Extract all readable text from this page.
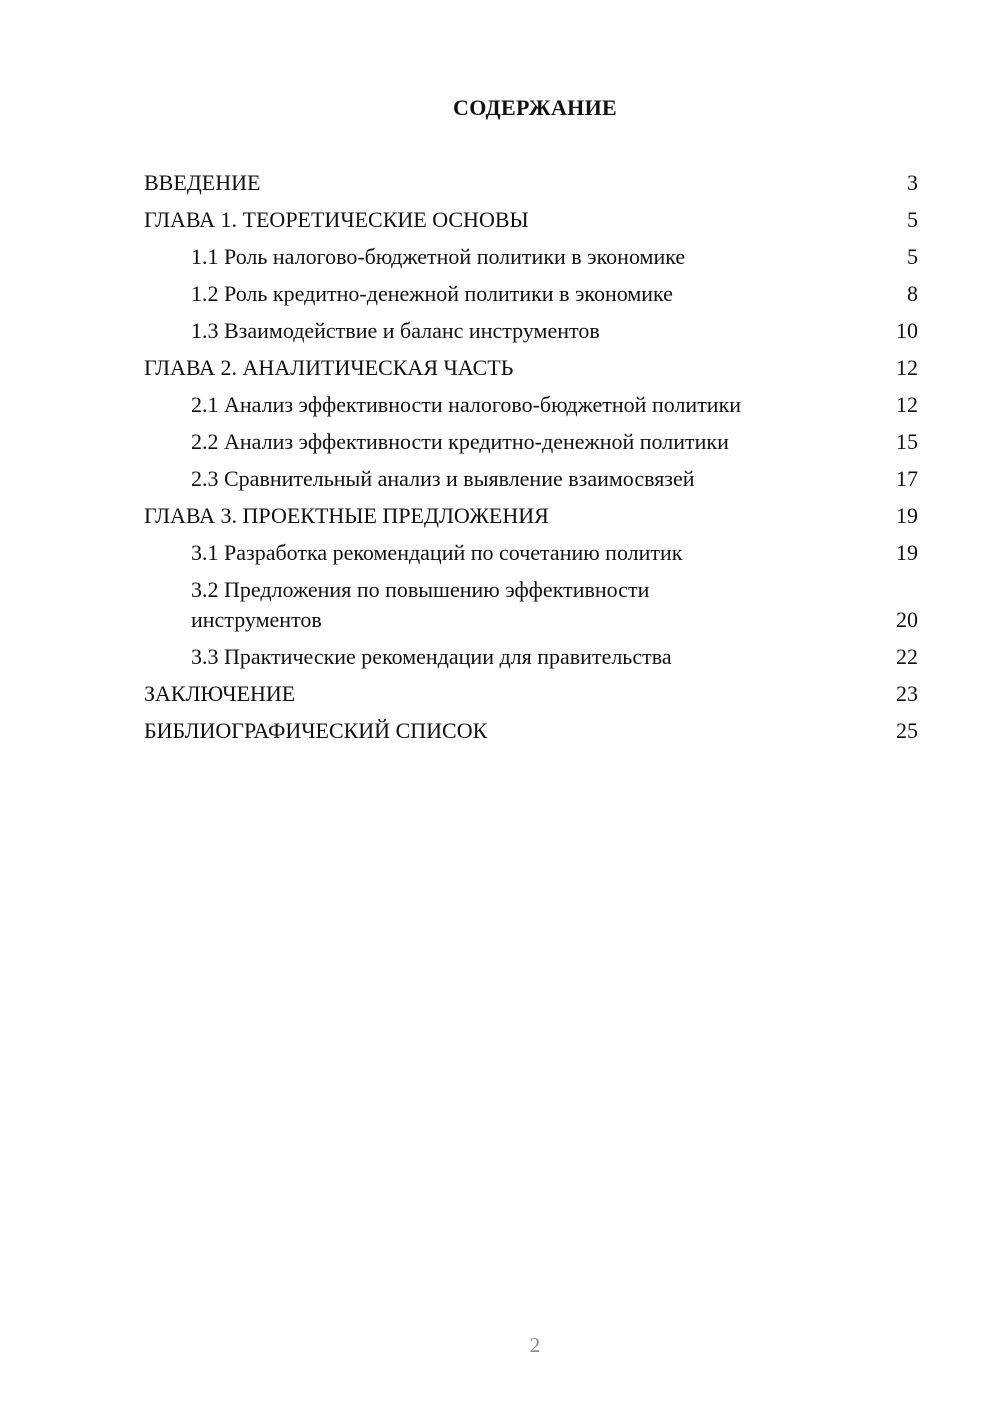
СОДЕРЖАНИЕ
ВВЕДЕНИЕ	3
ГЛАВА 1. ТЕОРЕТИЧЕСКИЕ ОСНОВЫ	5
1.1 Роль налогово-бюджетной политики в экономике	5
1.2 Роль кредитно-денежной политики в экономике	8
1.3 Взаимодействие и баланс инструментов	10
ГЛАВА 2. АНАЛИТИЧЕСКАЯ ЧАСТЬ	12
2.1 Анализ эффективности налогово-бюджетной политики	12
2.2 Анализ эффективности кредитно-денежной политики	15
2.3 Сравнительный анализ и выявление взаимосвязей	17
ГЛАВА 3. ПРОЕКТНЫЕ ПРЕДЛОЖЕНИЯ	19
3.1 Разработка рекомендаций по сочетанию политик	19
3.2 Предложения по повышению эффективности инструментов	20
3.3 Практические рекомендации для правительства	22
ЗАКЛЮЧЕНИЕ	23
БИБЛИОГРАФИЧЕСКИЙ СПИСОК	25
2
